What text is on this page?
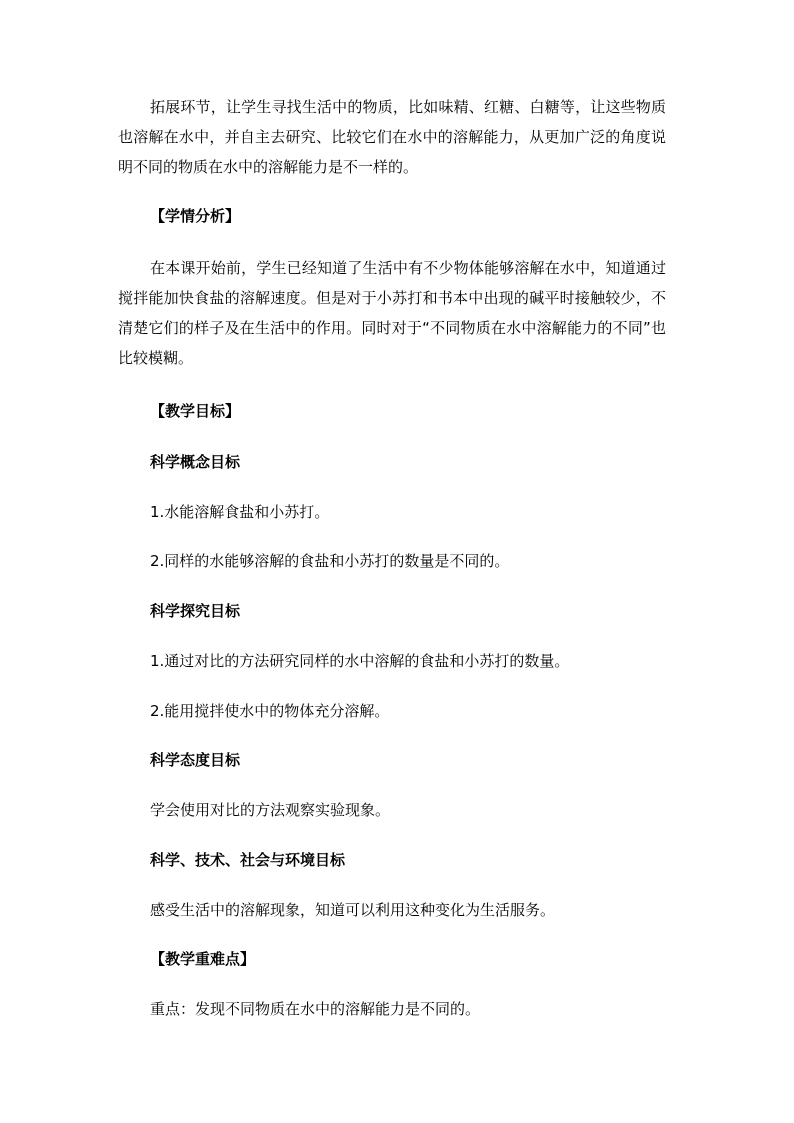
拓展环节，让学生寻找生活中的物质，比如味精、红糖、白糖等，让这些物质也溶解在水中，并自主去研究、比较它们在水中的溶解能力，从更加广泛的角度说明不同的物质在水中的溶解能力是不一样的。

【学情分析】

在本课开始前，学生已经知道了生活中有不少物体能够溶解在水中，知道通过搅拌能加快食盐的溶解速度。但是对于小苏打和书本中出现的碱平时接触较少，不清楚它们的样子及在生活中的作用。同时对于“不同物质在水中溶解能力的不同”也比较模糊。

【教学目标】

科学概念目标

1.水能溶解食盐和小苏打。

2.同样的水能够溶解的食盐和小苏打的数量是不同的。

科学探究目标

1.通过对比的方法研究同样的水中溶解的食盐和小苏打的数量。

2.能用搅拌使水中的物体充分溶解。

科学态度目标

学会使用对比的方法观察实验现象。

科学、技术、社会与环境目标

感受生活中的溶解现象，知道可以利用这种变化为生活服务。

【教学重难点】

重点：发现不同物质在水中的溶解能力是不同的。
